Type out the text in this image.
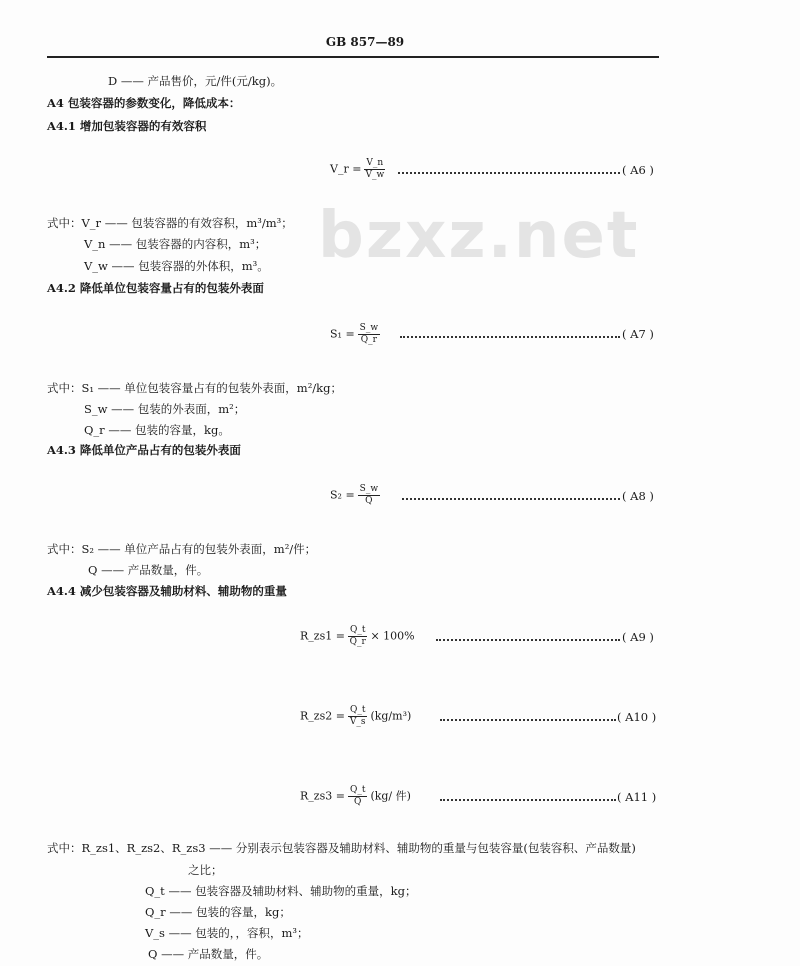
bzxz.net
GB 857—89
D —— 产品售价，元/件(元/kg)。
A4 包装容器的参数变化，降低成本：
A4.1 增加包装容器的有效容积
V_r = $\frac{V\_n}{V\_w}$	( A6 )
式中：V_r —— 包装容器的有效容积，m³/m³；
V_n —— 包装容器的内容积，m³；
V_w —— 包装容器的外体积，m³。
A4.2 降低单位包装容量占有的包装外表面
$S_1 = \frac{S\_w}{Q\_r}$	( A7 )
式中：S₁ —— 单位包装容量占有的包装外表面，m²/kg；
S_w —— 包装的外表面，m²；
Q_r —— 包装的容量，kg。
A4.3 降低单位产品占有的包装外表面
$S_2 = \frac{S\_w}{Q}$	( A8 )
式中：S₂ —— 单位产品占有的包装外表面，m²/件；
Q —— 产品数量，件。
A4.4 减少包装容器及辅助材料、辅助物的重量
R_zs1 = $\frac{Q\_t}{Q\_r} \times 100\%$	( A9 )
R_zs2 = $\frac{Q\_t}{V\_s} (kg/m^3)$	( A10 )
R_zs3 = $\frac{Q\_t}{Q} (kg/$ 件)	( A11 )
式中：R_zs1、R_zs2、R_zs3 —— 分别表示包装容器及辅助材料、辅助物的重量与包装容量(包装容积、产品数量)
之比；
Q_t —— 包装容器及辅助材料、辅助物的重量，kg；
Q_r —— 包装的容量，kg；
V_s —— 包装的，，容积，m³；
Q —— 产品数量，件。
